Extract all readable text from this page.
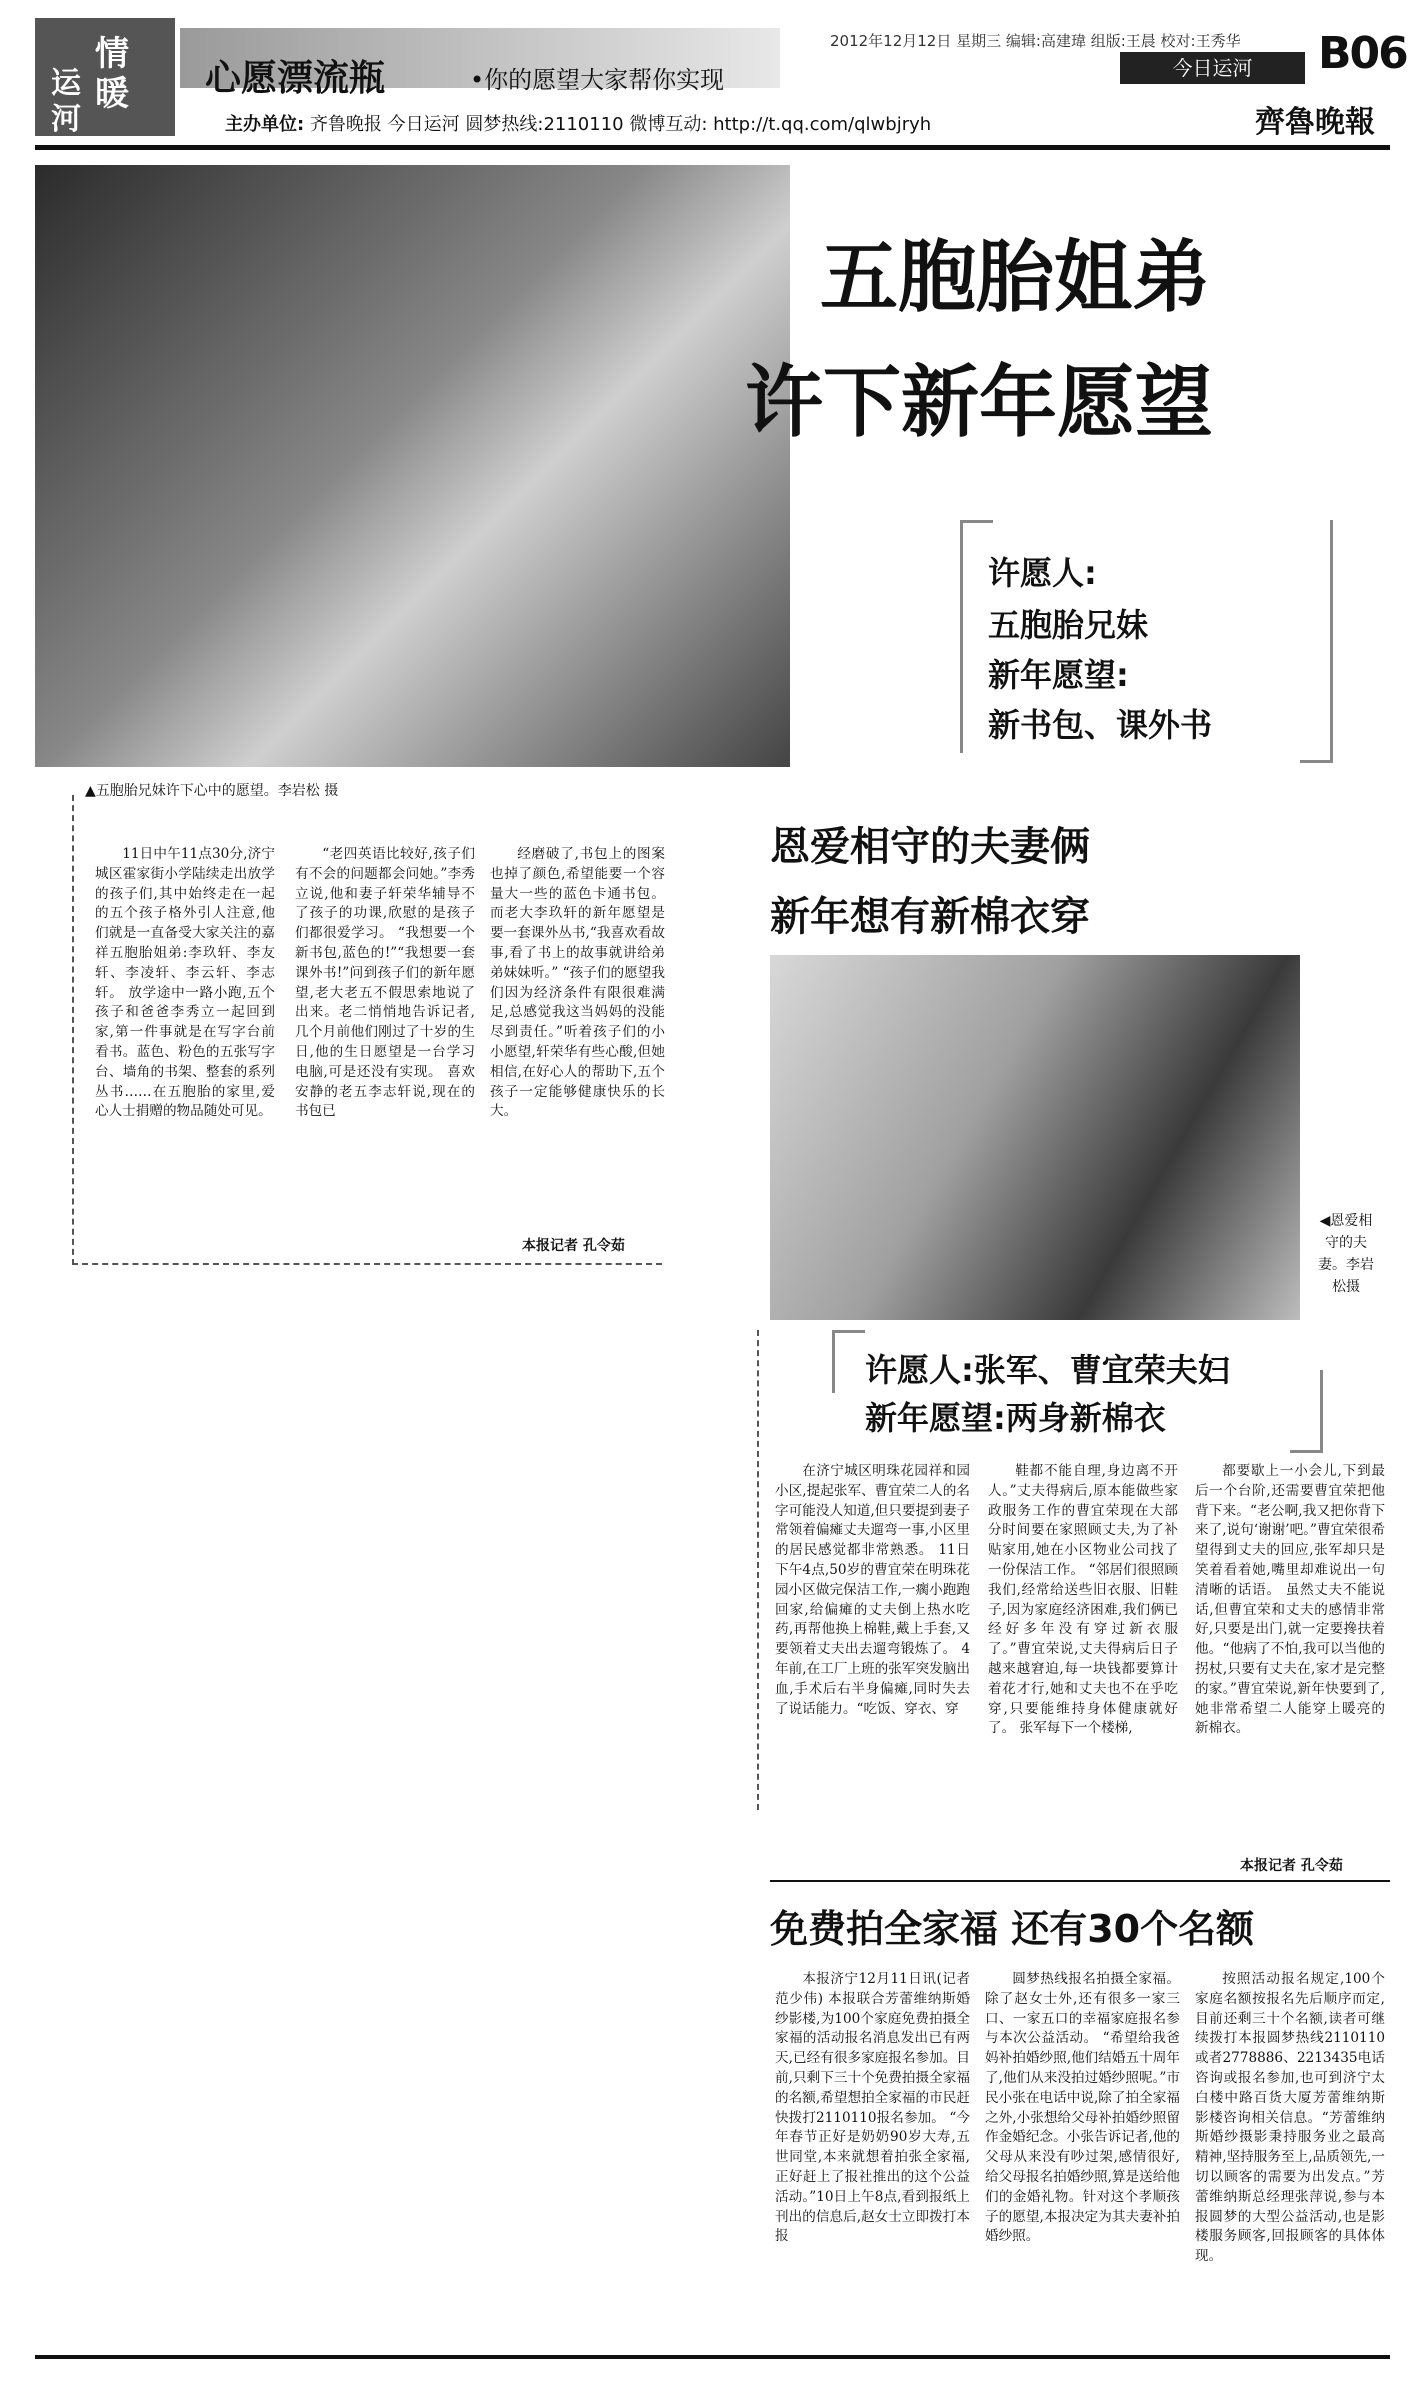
情
暖
运
河
心愿漂流瓶	•你的愿望大家帮你实现
2012年12月12日 星期三 编辑:高建瑋 组版:王晨 校对:王秀华
今日运河	B06
主办单位: 齐鲁晚报 今日运河 圆梦热线:2110110 微博互动: http://t.qq.com/qlwbjryh	齊魯晚報
五胞胎姐弟
许下新年愿望
许愿人:
五胞胎兄妹
新年愿望:
新书包、课外书
▲五胞胎兄妹许下心中的愿望。李岩松 摄

11日中午11点30分,济宁城区霍家街小学陆续走出放学的孩子们,其中始终走在一起的五个孩子格外引人注意,他们就是一直备受大家关注的嘉祥五胞胎姐弟:李玖轩、李友轩、李凌轩、李云轩、李志轩。 放学途中一路小跑,五个孩子和爸爸李秀立一起回到家,第一件事就是在写字台前看书。蓝色、粉色的五张写字台、墙角的书架、整套的系列丛书……在五胞胎的家里,爱心人士捐赠的物品随处可见。

“老四英语比较好,孩子们有不会的问题都会问她。”李秀立说,他和妻子轩荣华辅导不了孩子的功课,欣慰的是孩子们都很爱学习。 “我想要一个新书包,蓝色的!”“我想要一套课外书!”问到孩子们的新年愿望,老大老五不假思索地说了出来。老二悄悄地告诉记者,几个月前他们刚过了十岁的生日,他的生日愿望是一台学习电脑,可是还没有实现。 喜欢安静的老五李志轩说,现在的书包已

经磨破了,书包上的图案也掉了颜色,希望能要一个容量大一些的蓝色卡通书包。而老大李玖轩的新年愿望是要一套课外丛书,“我喜欢看故事,看了书上的故事就讲给弟弟妹妹听。” “孩子们的愿望我们因为经济条件有限很难满足,总感觉我这当妈妈的没能尽到责任。”听着孩子们的小小愿望,轩荣华有些心酸,但她相信,在好心人的帮助下,五个孩子一定能够健康快乐的长大。

本报记者 孔令茹
恩爱相守的夫妻俩
新年想有新棉衣穿
◀恩爱相守的夫妻。李岩松摄
许愿人:张军、曹宜荣夫妇
新年愿望:两身新棉衣

在济宁城区明珠花园祥和园小区,提起张军、曹宜荣二人的名字可能没人知道,但只要提到妻子常领着偏瘫丈夫遛弯一事,小区里的居民感觉都非常熟悉。 11日下午4点,50岁的曹宜荣在明珠花园小区做完保洁工作,一瘸小跑跑回家,给偏瘫的丈夫倒上热水吃药,再帮他换上棉鞋,戴上手套,又要领着丈夫出去遛弯锻炼了。 4年前,在工厂上班的张军突发脑出血,手术后右半身偏瘫,同时失去了说话能力。“吃饭、穿衣、穿

鞋都不能自理,身边离不开人。”丈夫得病后,原本能做些家政服务工作的曹宜荣现在大部分时间要在家照顾丈夫,为了补贴家用,她在小区物业公司找了一份保洁工作。 “邻居们很照顾我们,经常给送些旧衣服、旧鞋子,因为家庭经济困难,我们俩已经好多年没有穿过新衣服了。”曹宜荣说,丈夫得病后日子越来越窘迫,每一块钱都要算计着花才行,她和丈夫也不在乎吃穿,只要能维持身体健康就好了。 张军每下一个楼梯,

都要歇上一小会儿,下到最后一个台阶,还需要曹宜荣把他背下来。“老公啊,我又把你背下来了,说句‘谢谢’吧。”曹宜荣很希望得到丈夫的回应,张军却只是笑着看着她,嘴里却难说出一句清晰的话语。 虽然丈夫不能说话,但曹宜荣和丈夫的感情非常好,只要是出门,就一定要搀扶着他。“他病了不怕,我可以当他的拐杖,只要有丈夫在,家才是完整的家。”曹宜荣说,新年快要到了,她非常希望二人能穿上暖亮的新棉衣。

本报记者 孔令茹
免费拍全家福 还有30个名额

本报济宁12月11日讯(记者 范少伟) 本报联合芳蕾维纳斯婚纱影楼,为100个家庭免费拍摄全家福的活动报名消息发出已有两天,已经有很多家庭报名参加。目前,只剩下三十个免费拍摄全家福的名额,希望想拍全家福的市民赶快拨打2110110报名参加。 “今年春节正好是奶奶90岁大寿,五世同堂,本来就想着拍张全家福,正好赶上了报社推出的这个公益活动。”10日上午8点,看到报纸上刊出的信息后,赵女士立即拨打本报

圆梦热线报名拍摄全家福。除了赵女士外,还有很多一家三口、一家五口的幸福家庭报名参与本次公益活动。 “希望给我爸妈补拍婚纱照,他们结婚五十周年了,他们从来没拍过婚纱照呢。”市民小张在电话中说,除了拍全家福之外,小张想给父母补拍婚纱照留作金婚纪念。小张告诉记者,他的父母从来没有吵过架,感情很好,给父母报名拍婚纱照,算是送给他们的金婚礼物。针对这个孝顺孩子的愿望,本报决定为其夫妻补拍婚纱照。

按照活动报名规定,100个家庭名额按报名先后顺序而定,目前还剩三十个名额,读者可继续拨打本报圆梦热线2110110或者2778886、2213435电话咨询或报名参加,也可到济宁太白楼中路百货大厦芳蕾维纳斯影楼咨询相关信息。“芳蕾维纳斯婚纱摄影秉持服务业之最高精神,坚持服务至上,品质领先,一切以顾客的需要为出发点。”芳蕾维纳斯总经理张萍说,参与本报圆梦的大型公益活动,也是影楼服务顾客,回报顾客的具体体现。
